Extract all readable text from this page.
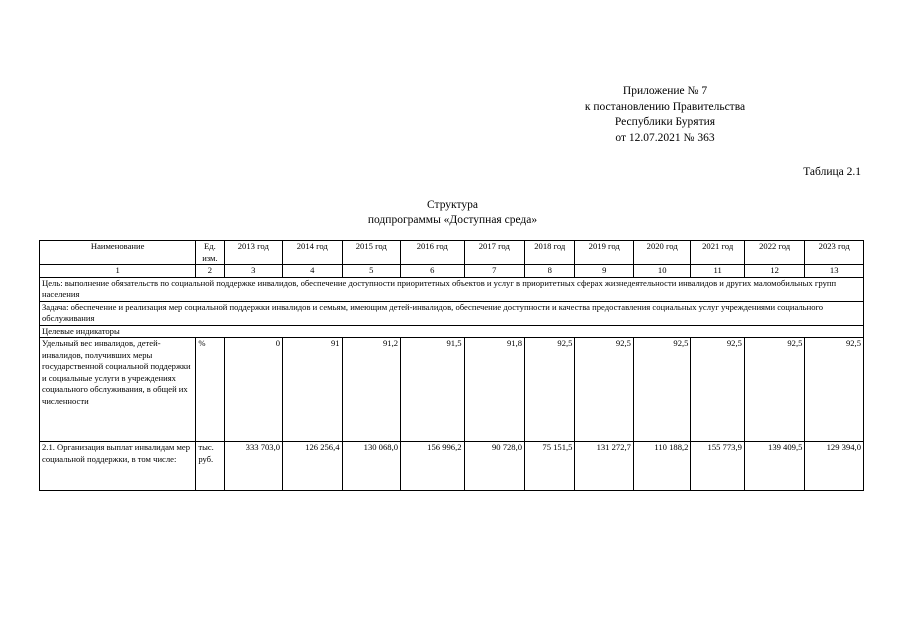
Приложение № 7
к постановлению Правительства
Республики Бурятия
от 12.07.2021 № 363
Таблица 2.1
Структура
подпрограммы «Доступная среда»
Наименование	Ед. изм.	2013 год	2014 год	2015 год	2016 год	2017 год	2018 год	2019 год	2020 год	2021 год	2022 год	2023 год
1	2	3	4	5	6	7	8	9	10	11	12	13
Цель: выполнение обязательств по социальной поддержке инвалидов, обеспечение доступности приоритетных объектов и услуг в приоритетных сферах жизнедеятельности инвалидов и других маломобильных групп населения												
Задача: обеспечение и реализация мер социальной поддержки инвалидов и семьям, имеющим детей-инвалидов, обеспечение доступности и качества предоставления социальных услуг учреждениями социального обслуживания												
Целевые индикаторы												
Удельный вес инвалидов, детей-инвалидов, получивших меры государственной социальной поддержки и социальные услуги в учреждениях социального обслуживания, в общей их численности	%	0	91	91,2	91,5	91,8	92,5	92,5	92,5	92,5	92,5	92,5
2.1. Организация выплат инвалидам мер социальной поддержки, в том числе:	тыс. руб.	333 703,0	126 256,4	130 068,0	156 996,2	90 728,0	75 151,5	131 272,7	110 188,2	155 773,9	139 409,5	129 394,0
